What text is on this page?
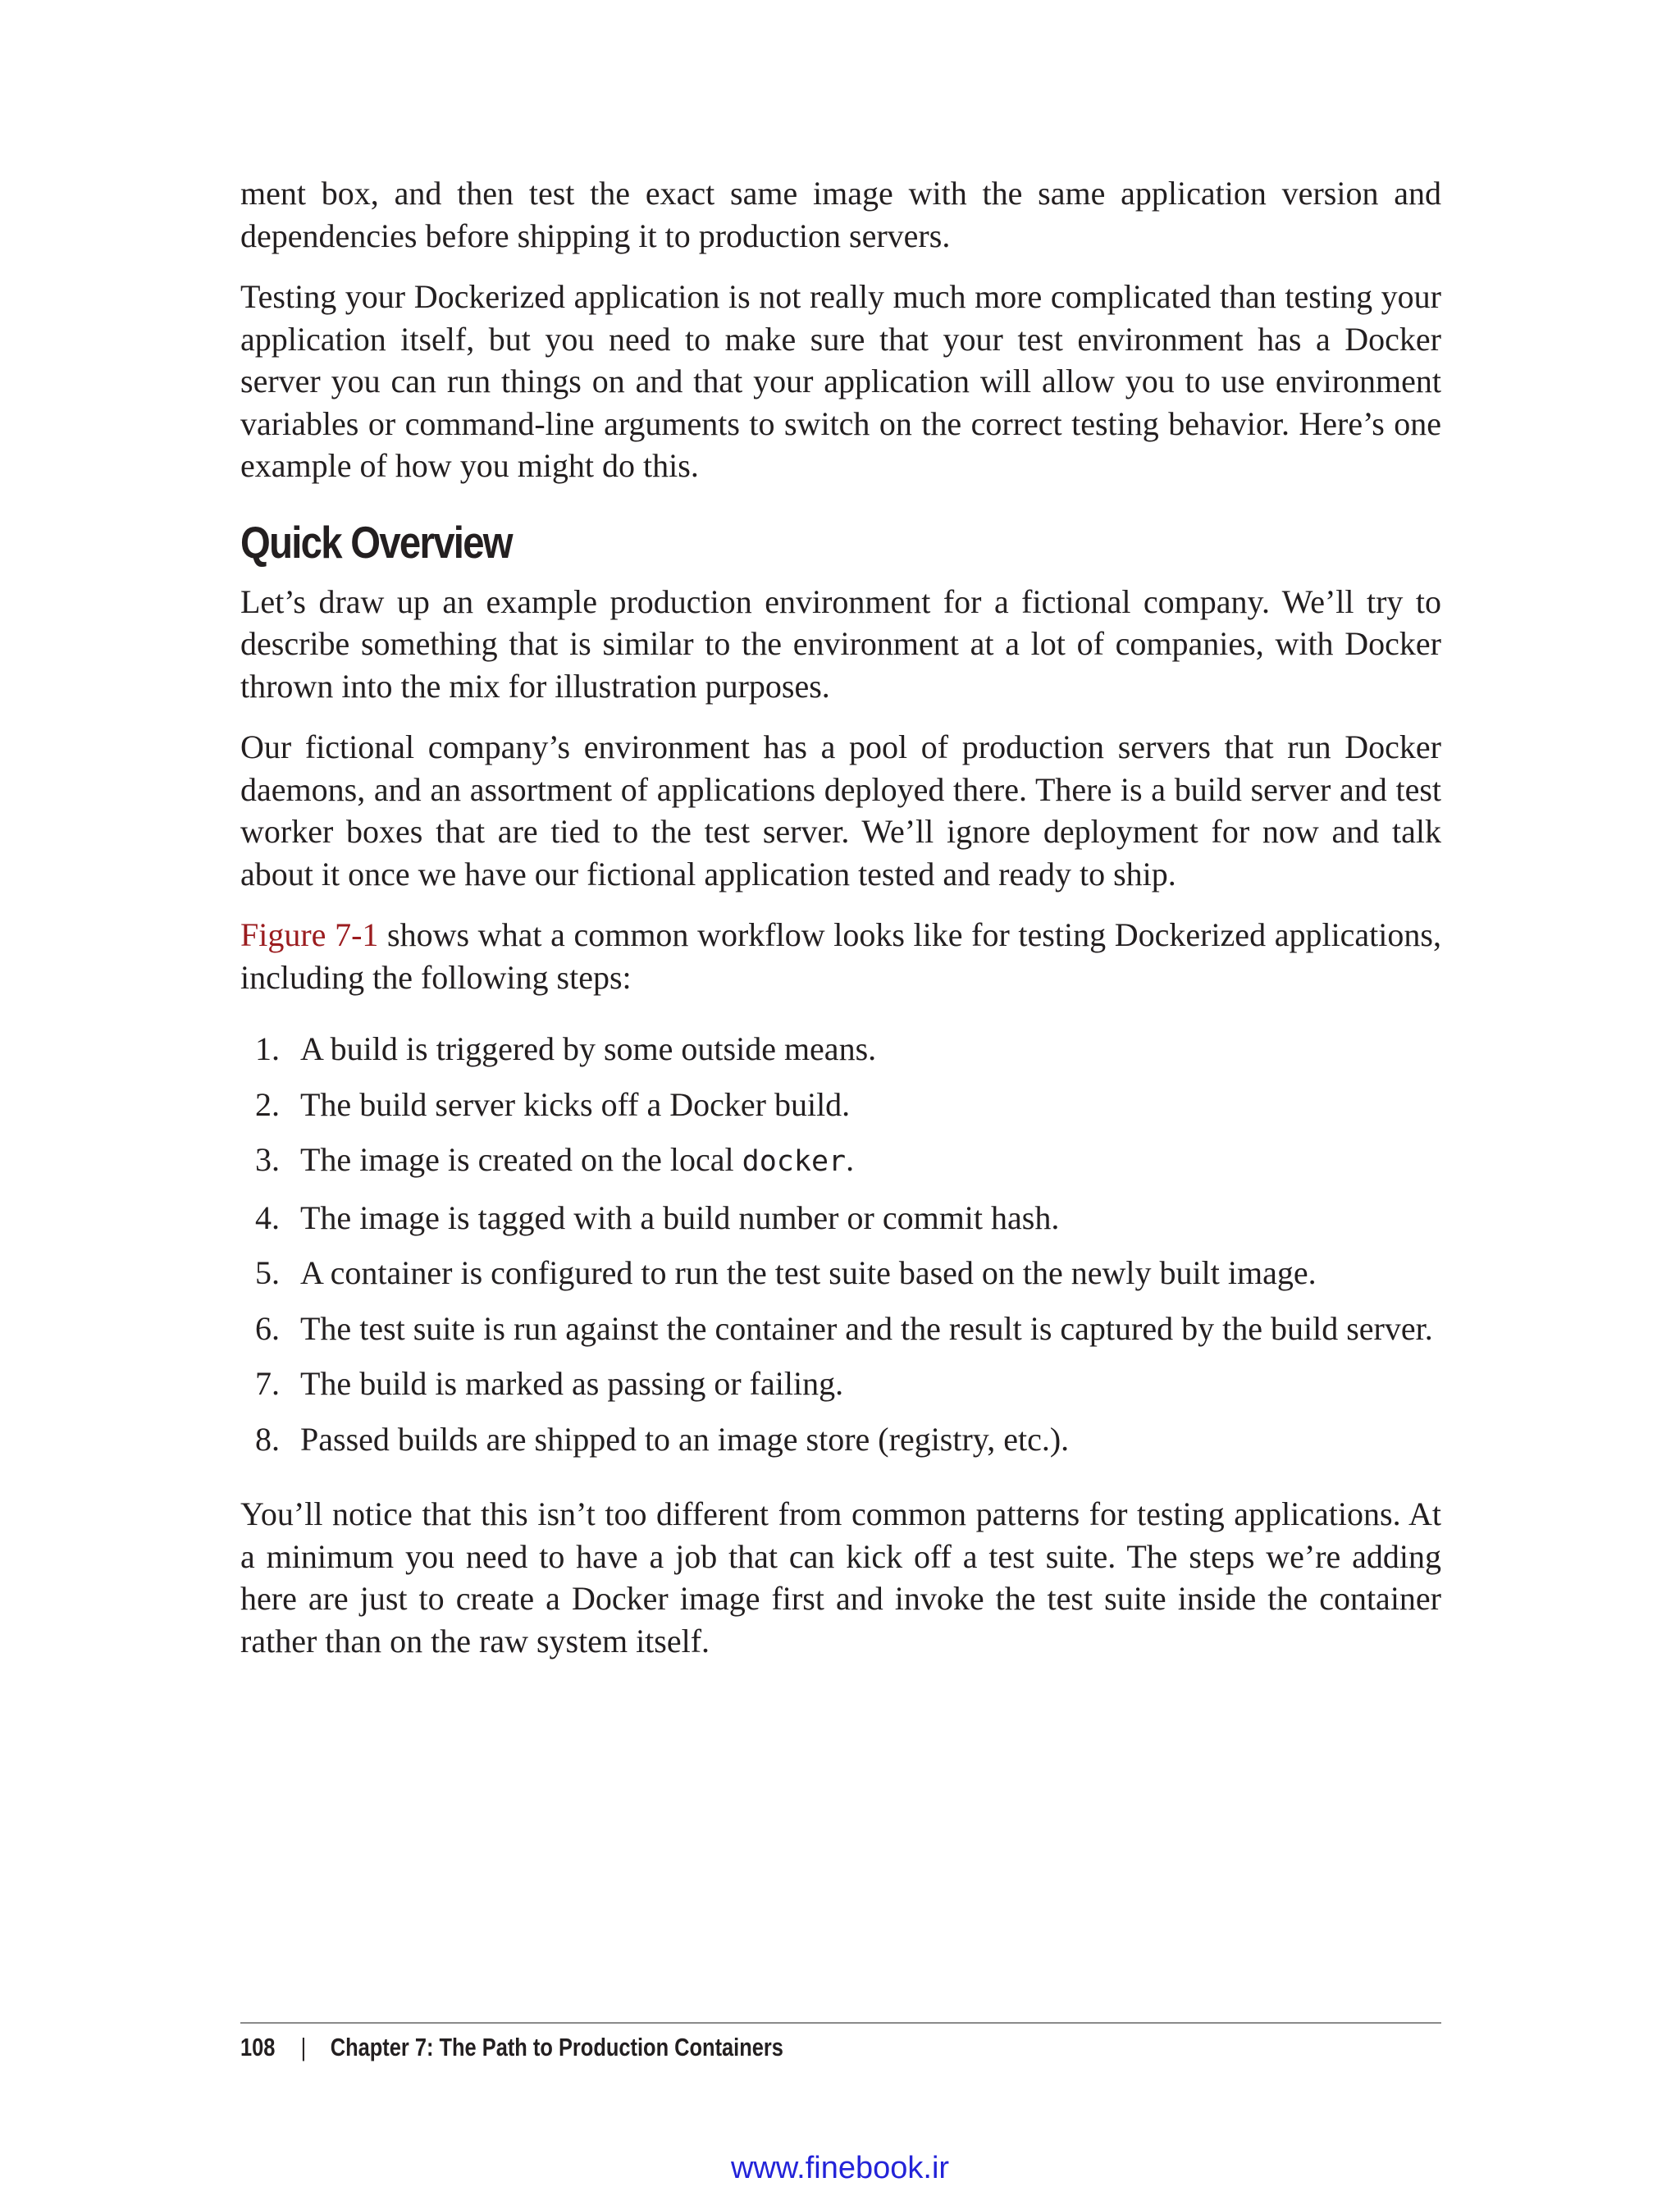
ment box, and then test the exact same image with the same application version and dependencies before shipping it to production servers.

Testing your Dockerized application is not really much more complicated than testing your application itself, but you need to make sure that your test environment has a Docker server you can run things on and that your application will allow you to use environment variables or command-line arguments to switch on the correct testing behavior. Here’s one example of how you might do this.

Quick Overview

Let’s draw up an example production environment for a fictional company. We’ll try to describe something that is similar to the environment at a lot of companies, with Docker thrown into the mix for illustration purposes.

Our fictional company’s environment has a pool of production servers that run Docker daemons, and an assortment of applications deployed there. There is a build server and test worker boxes that are tied to the test server. We’ll ignore deployment for now and talk about it once we have our fictional application tested and ready to ship.

Figure 7-1 shows what a common workflow looks like for testing Dockerized applications, including the following steps:

1. A build is triggered by some outside means.
2. The build server kicks off a Docker build.
3. The image is created on the local docker.
4. The image is tagged with a build number or commit hash.
5. A container is configured to run the test suite based on the newly built image.
6. The test suite is run against the container and the result is captured by the build server.
7. The build is marked as passing or failing.
8. Passed builds are shipped to an image store (registry, etc.).

You’ll notice that this isn’t too different from common patterns for testing applications. At a minimum you need to have a job that can kick off a test suite. The steps we’re adding here are just to create a Docker image first and invoke the test suite inside the container rather than on the raw system itself.

108 | Chapter 7: The Path to Production Containers
www.finebook.ir
